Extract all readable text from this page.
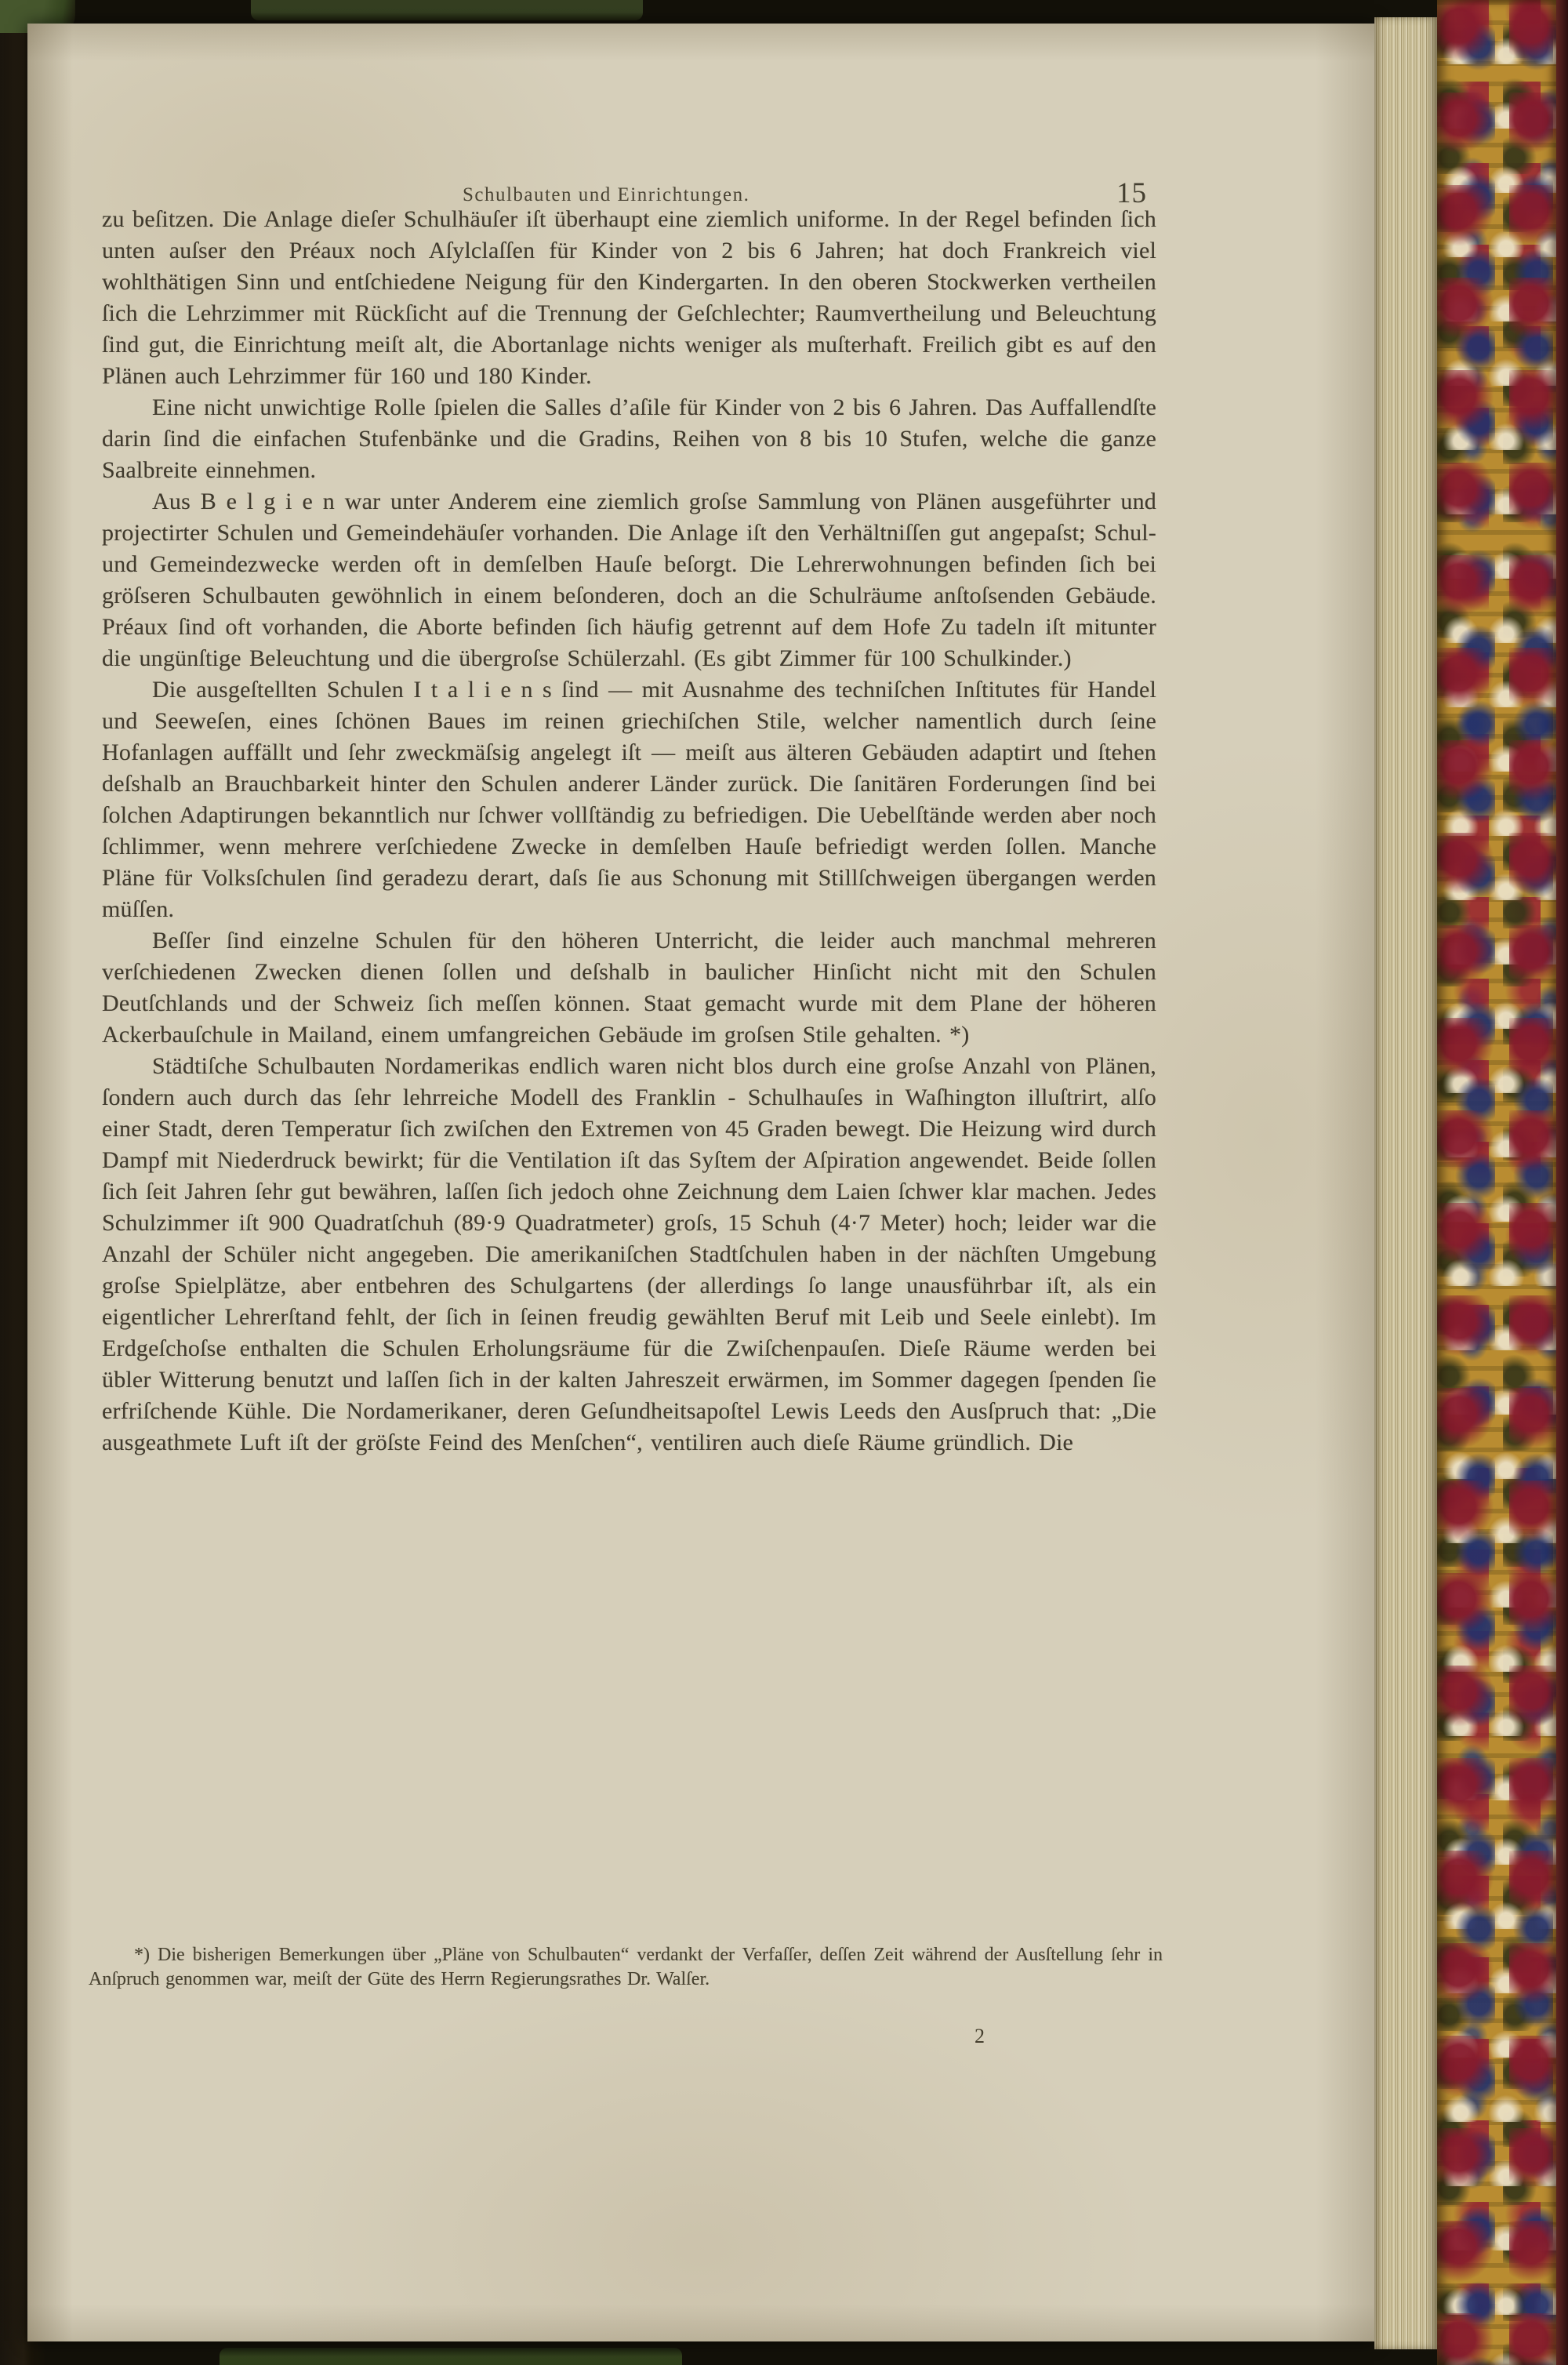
Schulbauten und Einrichtungen.	15

zu beſitzen. Die Anlage dieſer Schulhäuſer iſt überhaupt eine ziemlich uniforme. In der Regel befinden ſich unten auſser den Préaux noch Aſylclaſſen für Kinder von 2 bis 6 Jahren; hat doch Frankreich viel wohlthätigen Sinn und entſchiedene Neigung für den Kindergarten. In den oberen Stockwerken vertheilen ſich die Lehrzimmer mit Rückſicht auf die Trennung der Geſchlechter; Raumvertheilung und Beleuchtung ſind gut, die Einrichtung meiſt alt, die Abortanlage nichts weniger als muſterhaft. Freilich gibt es auf den Plänen auch Lehrzimmer für 160 und 180 Kinder.

Eine nicht unwichtige Rolle ſpielen die Salles d’aſile für Kinder von 2 bis 6 Jahren. Das Auffallendſte darin ſind die einfachen Stufenbänke und die Gradins, Reihen von 8 bis 10 Stufen, welche die ganze Saalbreite einnehmen.

Aus B e l g i e n war unter Anderem eine ziemlich groſse Sammlung von Plänen ausgeführter und projectirter Schulen und Gemeindehäuſer vorhanden. Die Anlage iſt den Verhältniſſen gut angepaſst; Schul- und Gemeindezwecke werden oft in demſelben Hauſe beſorgt. Die Lehrerwohnungen befinden ſich bei gröſseren Schulbauten gewöhnlich in einem beſonderen, doch an die Schulräume anſtoſsenden Gebäude. Préaux ſind oft vorhanden, die Aborte befinden ſich häufig getrennt auf dem Hofe Zu tadeln iſt mitunter die ungünſtige Beleuchtung und die übergroſse Schülerzahl. (Es gibt Zimmer für 100 Schulkinder.)

Die ausgeſtellten Schulen I t a l i e n s ſind — mit Ausnahme des techniſchen Inſtitutes für Handel und Seeweſen, eines ſchönen Baues im reinen griechiſchen Stile, welcher namentlich durch ſeine Hofanlagen auffällt und ſehr zweckmäſsig angelegt iſt — meiſt aus älteren Gebäuden adaptirt und ſtehen deſshalb an Brauchbarkeit hinter den Schulen anderer Länder zurück. Die ſanitären Forderungen ſind bei ſolchen Adaptirungen bekanntlich nur ſchwer vollſtändig zu befriedigen. Die Uebelſtände werden aber noch ſchlimmer, wenn mehrere verſchiedene Zwecke in demſelben Hauſe befriedigt werden ſollen. Manche Pläne für Volksſchulen ſind geradezu derart, daſs ſie aus Schonung mit Stillſchweigen übergangen werden müſſen.

Beſſer ſind einzelne Schulen für den höheren Unterricht, die leider auch manchmal mehreren verſchiedenen Zwecken dienen ſollen und deſshalb in baulicher Hinſicht nicht mit den Schulen Deutſchlands und der Schweiz ſich meſſen können. Staat gemacht wurde mit dem Plane der höheren Ackerbauſchule in Mailand, einem umfangreichen Gebäude im groſsen Stile gehalten. *)

Städtiſche Schulbauten Nordamerikas endlich waren nicht blos durch eine groſse Anzahl von Plänen, ſondern auch durch das ſehr lehrreiche Modell des Franklin - Schulhauſes in Waſhington illuſtrirt, alſo einer Stadt, deren Temperatur ſich zwiſchen den Extremen von 45 Graden bewegt. Die Heizung wird durch Dampf mit Niederdruck bewirkt; für die Ventilation iſt das Syſtem der Aſpiration angewendet. Beide ſollen ſich ſeit Jahren ſehr gut bewähren, laſſen ſich jedoch ohne Zeichnung dem Laien ſchwer klar machen. Jedes Schulzimmer iſt 900 Quadratſchuh (89·9 Quadratmeter) groſs, 15 Schuh (4·7 Meter) hoch; leider war die Anzahl der Schüler nicht angegeben. Die amerikaniſchen Stadtſchulen haben in der nächſten Umgebung groſse Spielplätze, aber entbehren des Schulgartens (der allerdings ſo lange unausführbar iſt, als ein eigentlicher Lehrerſtand fehlt, der ſich in ſeinen freudig gewählten Beruf mit Leib und Seele einlebt). Im Erdgeſchoſse enthalten die Schulen Erholungsräume für die Zwiſchenpauſen. Dieſe Räume werden bei übler Witterung benutzt und laſſen ſich in der kalten Jahreszeit erwärmen, im Sommer dagegen ſpenden ſie erfriſchende Kühle. Die Nordamerikaner, deren Geſundheitsapoſtel Lewis Leeds den Ausſpruch that: „Die ausgeathmete Luft iſt der gröſste Feind des Menſchen“, ventiliren auch dieſe Räume gründlich. Die

*) Die bisherigen Bemerkungen über „Pläne von Schulbauten“ verdankt der Verfaſſer, deſſen Zeit während der Ausſtellung ſehr in Anſpruch genommen war, meiſt der Güte des Herrn Regierungsrathes Dr. Walſer.
2
